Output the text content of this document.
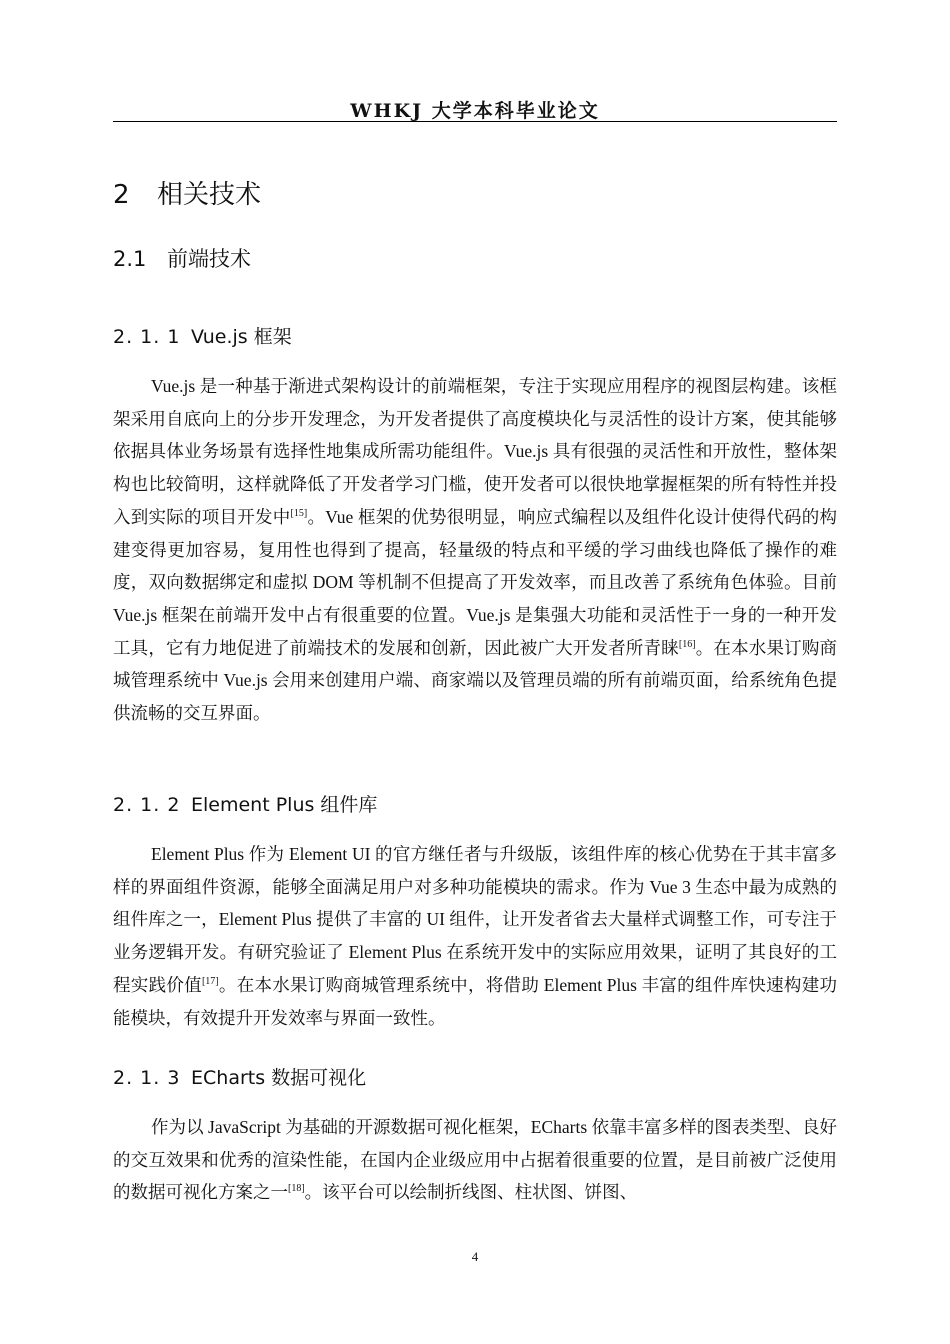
WHKJ 大学本科毕业论文
2 相关技术
2.1 前端技术
2. 1. 1 Vue.js 框架

Vue.js 是一种基于渐进式架构设计的前端框架，专注于实现应用程序的视图层构建。该框架采用自底向上的分步开发理念，为开发者提供了高度模块化与灵活性的设计方案，使其能够依据具体业务场景有选择性地集成所需功能组件。Vue.js 具有很强的灵活性和开放性，整体架构也比较简明，这样就降低了开发者学习门槛，使开发者可以很快地掌握框架的所有特性并投入到实际的项目开发中[15]。Vue 框架的优势很明显，响应式编程以及组件化设计使得代码的构建变得更加容易，复用性也得到了提高，轻量级的特点和平缓的学习曲线也降低了操作的难度，双向数据绑定和虚拟 DOM 等机制不但提高了开发效率，而且改善了系统角色体验。目前 Vue.js 框架在前端开发中占有很重要的位置。Vue.js 是集强大功能和灵活性于一身的一种开发工具，它有力地促进了前端技术的发展和创新，因此被广大开发者所青睐[16]。在本水果订购商城管理系统中 Vue.js 会用来创建用户端、商家端以及管理员端的所有前端页面，给系统角色提供流畅的交互界面。

2. 1. 2 Element Plus 组件库

Element Plus 作为 Element UI 的官方继任者与升级版，该组件库的核心优势在于其丰富多样的界面组件资源，能够全面满足用户对多种功能模块的需求。作为 Vue 3 生态中最为成熟的组件库之一，Element Plus 提供了丰富的 UI 组件，让开发者省去大量样式调整工作，可专注于业务逻辑开发。有研究验证了 Element Plus 在系统开发中的实际应用效果，证明了其良好的工程实践价值[17]。在本水果订购商城管理系统中，将借助 Element Plus 丰富的组件库快速构建功能模块，有效提升开发效率与界面一致性。

2. 1. 3 ECharts 数据可视化

作为以 JavaScript 为基础的开源数据可视化框架，ECharts 依靠丰富多样的图表类型、良好的交互效果和优秀的渲染性能，在国内企业级应用中占据着很重要的位置，是目前被广泛使用的数据可视化方案之一[18]。该平台可以绘制折线图、柱状图、饼图、

4
